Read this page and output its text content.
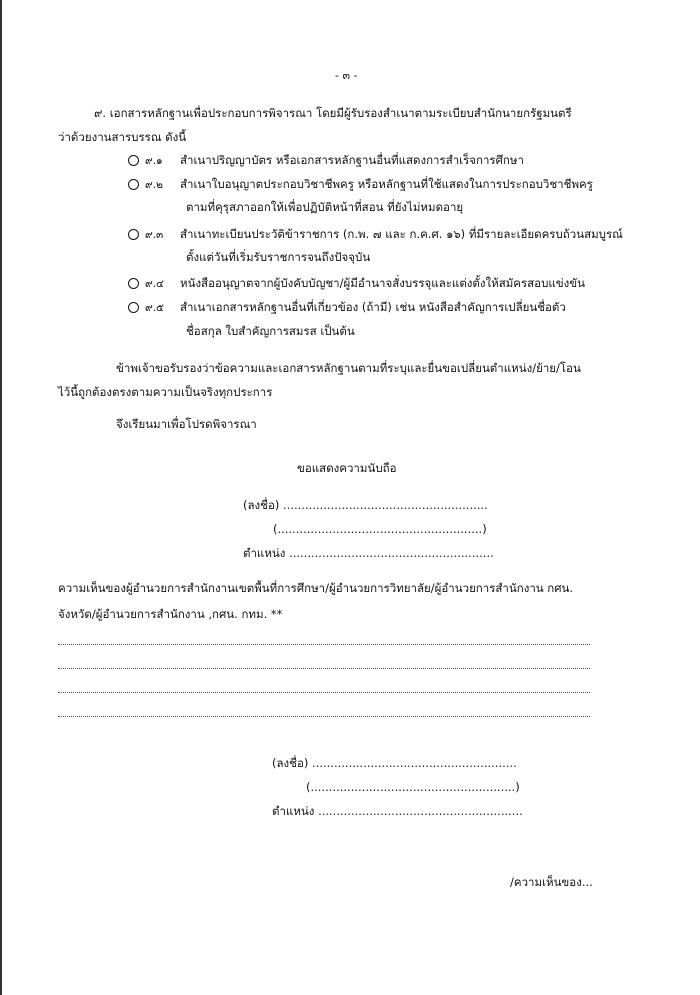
- ๓ -
๙. เอกสารหลักฐานเพื่อประกอบการพิจารณา โดยมีผู้รับรองสำเนาตามระเบียบสำนักนายกรัฐมนตรี
ว่าด้วยงานสารบรรณ ดังนี้
๙.๑ สำเนาปริญญาบัตร หรือเอกสารหลักฐานอื่นที่แสดงการสำเร็จการศึกษา
๙.๒ สำเนาใบอนุญาตประกอบวิชาชีพครู หรือหลักฐานที่ใช้แสดงในการประกอบวิชาชีพครู
ตามที่คุรุสภาออกให้เพื่อปฏิบัติหน้าที่สอน ที่ยังไม่หมดอายุ
๙.๓ สำเนาทะเบียนประวัติข้าราชการ (ก.พ. ๗ และ ก.ค.ศ. ๑๖) ที่มีรายละเอียดครบถ้วนสมบูรณ์
ตั้งแต่วันที่เริ่มรับราชการจนถึงปัจจุบัน
๙.๔ หนังสืออนุญาตจากผู้บังคับบัญชา/ผู้มีอำนาจสั่งบรรจุและแต่งตั้งให้สมัครสอบแข่งขัน
๙.๕ สำเนาเอกสารหลักฐานอื่นที่เกี่ยวข้อง (ถ้ามี) เช่น หนังสือสำคัญการเปลี่ยนชื่อตัว
ชื่อสกุล ใบสำคัญการสมรส เป็นต้น
ข้าพเจ้าขอรับรองว่าข้อความและเอกสารหลักฐานตามที่ระบุและยื่นขอเปลี่ยนตำแหน่ง/ย้าย/โอน
ไว้นี้ถูกต้องตรงตามความเป็นจริงทุกประการ
จึงเรียนมาเพื่อโปรดพิจารณา
ขอแสดงความนับถือ
(ลงชื่อ) ........................................................
(........................................................)
ตำแหน่ง ........................................................
ความเห็นของผู้อำนวยการสำนักงานเขตพื้นที่การศึกษา/ผู้อำนวยการวิทยาลัย/ผู้อำนวยการสำนักงาน กศน.
จังหวัด/ผู้อำนวยการสำนักงาน ,กศน. กทม. **
(ลงชื่อ) ........................................................
(........................................................)
ตำแหน่ง ........................................................
/ความเห็นของ...
